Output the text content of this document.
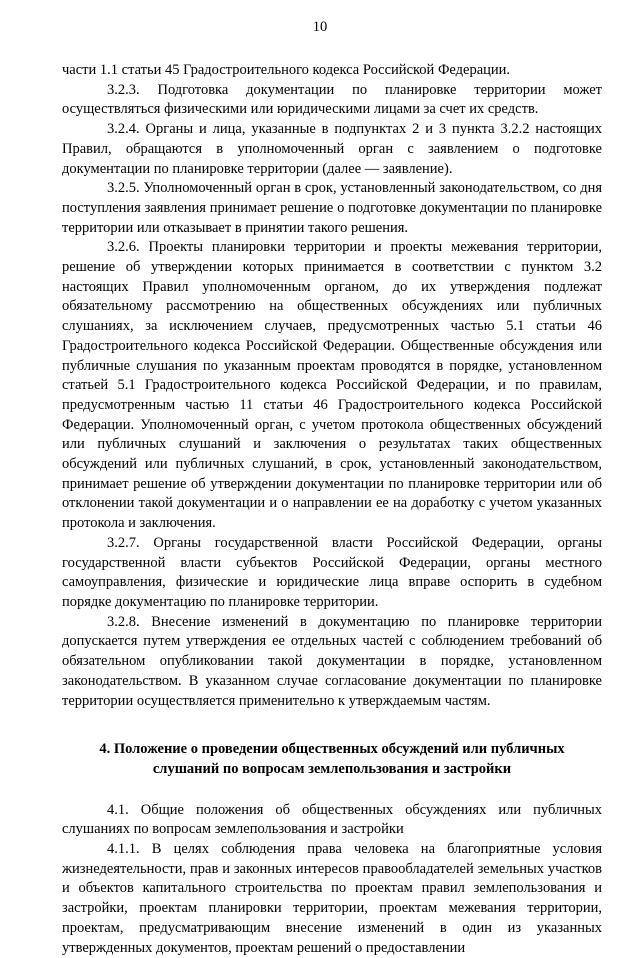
10

части 1.1 статьи 45 Градостроительного кодекса Российской Федерации.

3.2.3. Подготовка документации по планировке территории может осуществляться физическими или юридическими лицами за счет их средств.

3.2.4. Органы и лица, указанные в подпунктах 2 и 3 пункта 3.2.2 настоящих Правил, обращаются в уполномоченный орган с заявлением о подготовке документации по планировке территории (далее — заявление).

3.2.5. Уполномоченный орган в срок, установленный законодательством, со дня поступления заявления принимает решение о подготовке документации по планировке территории или отказывает в принятии такого решения.

3.2.6. Проекты планировки территории и проекты межевания территории, решение об утверждении которых принимается в соответствии с пунктом 3.2 настоящих Правил уполномоченным органом, до их утверждения подлежат обязательному рассмотрению на общественных обсуждениях или публичных слушаниях, за исключением случаев, предусмотренных частью 5.1 статьи 46 Градостроительного кодекса Российской Федерации. Общественные обсуждения или публичные слушания по указанным проектам проводятся в порядке, установленном статьей 5.1 Градостроительного кодекса Российской Федерации, и по правилам, предусмотренным частью 11 статьи 46 Градостроительного кодекса Российской Федерации. Уполномоченный орган, с учетом протокола общественных обсуждений или публичных слушаний и заключения о результатах таких общественных обсуждений или публичных слушаний, в срок, установленный законодательством, принимает решение об утверждении документации по планировке территории или об отклонении такой документации и о направлении ее на доработку с учетом указанных протокола и заключения.

3.2.7. Органы государственной власти Российской Федерации, органы государственной власти субъектов Российской Федерации, органы местного самоуправления, физические и юридические лица вправе оспорить в судебном порядке документацию по планировке территории.

3.2.8. Внесение изменений в документацию по планировке территории допускается путем утверждения ее отдельных частей с соблюдением требований об обязательном опубликовании такой документации в порядке, установленном законодательством. В указанном случае согласование документации по планировке территории осуществляется применительно к утверждаемым частям.

4. Положение о проведении общественных обсуждений или публичных
слушаний по вопросам землепользования и застройки

4.1. Общие положения об общественных обсуждениях или публичных слушаниях по вопросам землепользования и застройки

4.1.1. В целях соблюдения права человека на благоприятные условия жизнедеятельности, прав и законных интересов правообладателей земельных участков и объектов капитального строительства по проектам правил землепользования и застройки, проектам планировки территории, проектам межевания территории, проектам, предусматривающим внесение изменений в один из указанных утвержденных документов, проектам решений о предоставлении
